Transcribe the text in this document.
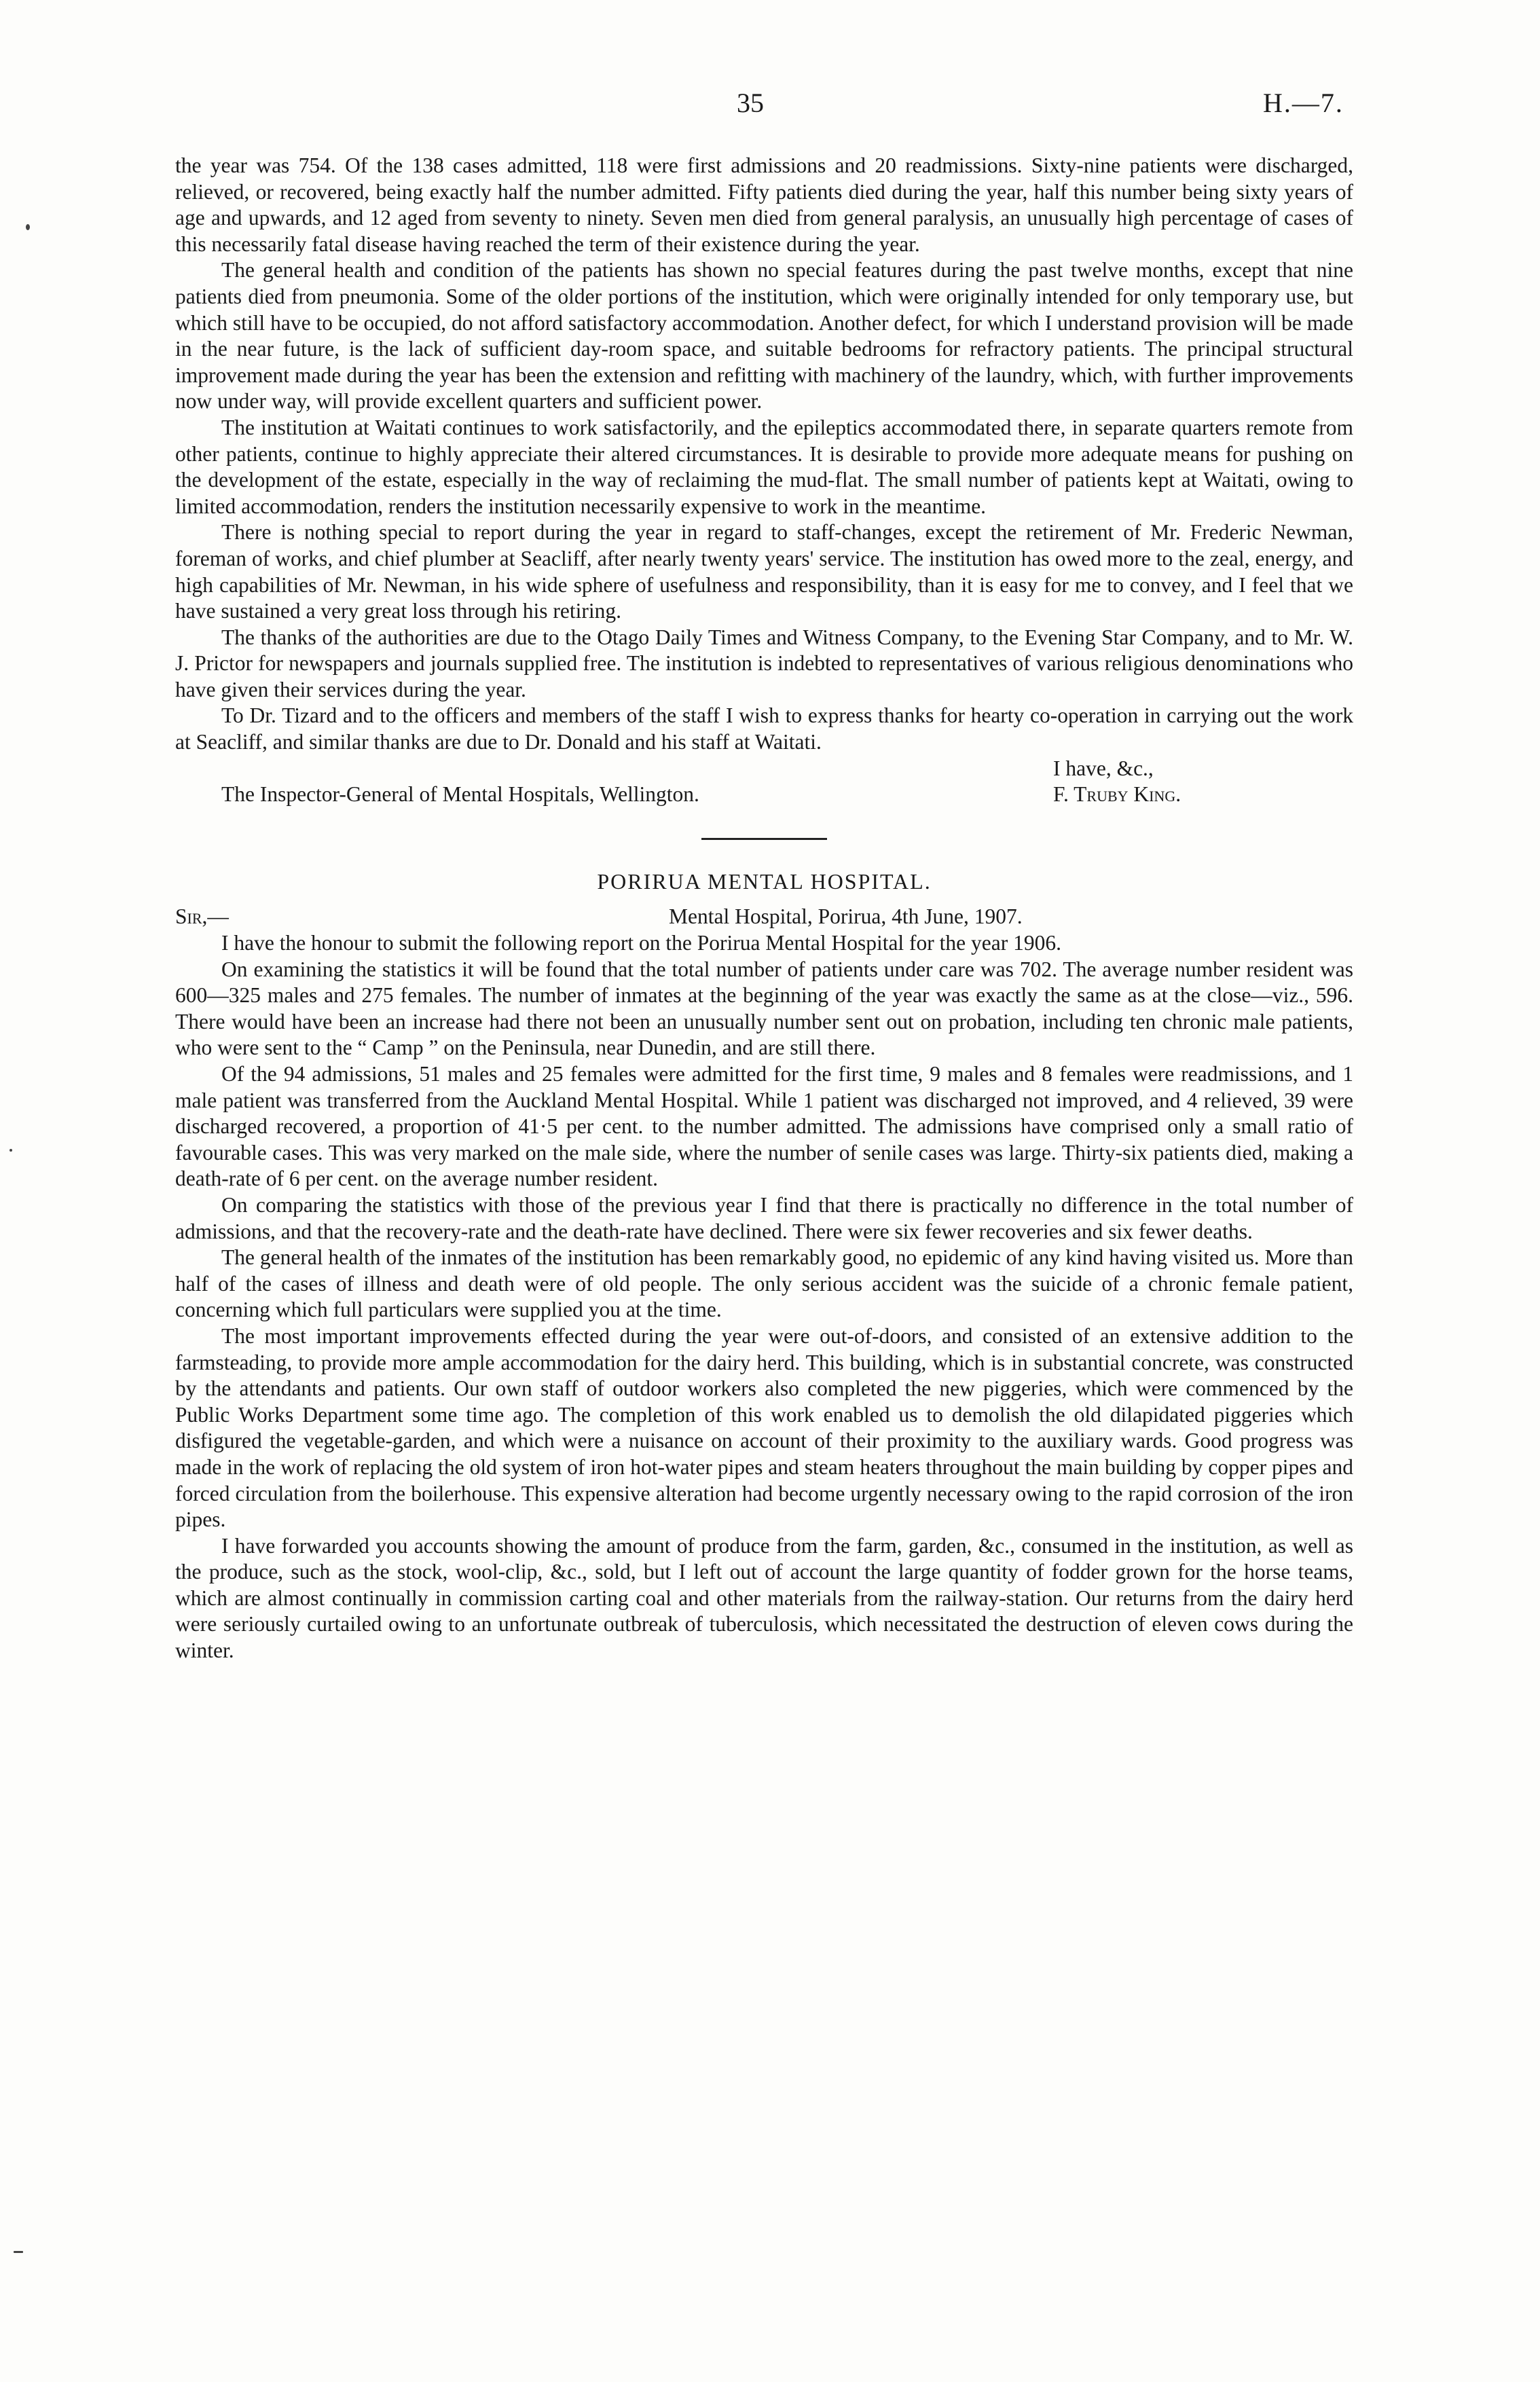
35	H.—7.

the year was 754. Of the 138 cases admitted, 118 were first admissions and 20 readmissions. Sixty-nine patients were discharged, relieved, or recovered, being exactly half the number admitted. Fifty patients died during the year, half this number being sixty years of age and upwards, and 12 aged from seventy to ninety. Seven men died from general paralysis, an unusually high percentage of cases of this necessarily fatal disease having reached the term of their existence during the year.

The general health and condition of the patients has shown no special features during the past twelve months, except that nine patients died from pneumonia. Some of the older portions of the institution, which were originally intended for only temporary use, but which still have to be occupied, do not afford satisfactory accommodation. Another defect, for which I understand provision will be made in the near future, is the lack of sufficient day-room space, and suitable bedrooms for refractory patients. The principal structural improvement made during the year has been the extension and refitting with machinery of the laundry, which, with further improvements now under way, will provide excellent quarters and sufficient power.

The institution at Waitati continues to work satisfactorily, and the epileptics accommodated there, in separate quarters remote from other patients, continue to highly appreciate their altered circumstances. It is desirable to provide more adequate means for pushing on the development of the estate, especially in the way of reclaiming the mud-flat. The small number of patients kept at Waitati, owing to limited accommodation, renders the institution necessarily expensive to work in the meantime.

There is nothing special to report during the year in regard to staff-changes, except the retirement of Mr. Frederic Newman, foreman of works, and chief plumber at Seacliff, after nearly twenty years' service. The institution has owed more to the zeal, energy, and high capabilities of Mr. Newman, in his wide sphere of usefulness and responsibility, than it is easy for me to convey, and I feel that we have sustained a very great loss through his retiring.

The thanks of the authorities are due to the Otago Daily Times and Witness Company, to the Evening Star Company, and to Mr. W. J. Prictor for newspapers and journals supplied free. The institution is indebted to representatives of various religious denominations who have given their services during the year.

To Dr. Tizard and to the officers and members of the staff I wish to express thanks for hearty co-operation in carrying out the work at Seacliff, and similar thanks are due to Dr. Donald and his staff at Waitati.

I have, &c.,
The Inspector-General of Mental Hospitals, Wellington.	F. Truby King.
PORIRUA MENTAL HOSPITAL.
Sir,—	Mental Hospital, Porirua, 4th June, 1907.

I have the honour to submit the following report on the Porirua Mental Hospital for the year 1906.

On examining the statistics it will be found that the total number of patients under care was 702. The average number resident was 600—325 males and 275 females. The number of inmates at the beginning of the year was exactly the same as at the close—viz., 596. There would have been an increase had there not been an unusually number sent out on probation, including ten chronic male patients, who were sent to the “ Camp ” on the Peninsula, near Dunedin, and are still there.

Of the 94 admissions, 51 males and 25 females were admitted for the first time, 9 males and 8 females were readmissions, and 1 male patient was transferred from the Auckland Mental Hospital. While 1 patient was discharged not improved, and 4 relieved, 39 were discharged recovered, a proportion of 41·5 per cent. to the number admitted. The admissions have comprised only a small ratio of favourable cases. This was very marked on the male side, where the number of senile cases was large. Thirty-six patients died, making a death-rate of 6 per cent. on the average number resident.

On comparing the statistics with those of the previous year I find that there is practically no difference in the total number of admissions, and that the recovery-rate and the death-rate have declined. There were six fewer recoveries and six fewer deaths.

The general health of the inmates of the institution has been remarkably good, no epidemic of any kind having visited us. More than half of the cases of illness and death were of old people. The only serious accident was the suicide of a chronic female patient, concerning which full particulars were supplied you at the time.

The most important improvements effected during the year were out-of-doors, and consisted of an extensive addition to the farmsteading, to provide more ample accommodation for the dairy herd. This building, which is in substantial concrete, was constructed by the attendants and patients. Our own staff of outdoor workers also completed the new piggeries, which were commenced by the Public Works Department some time ago. The completion of this work enabled us to demolish the old dilapidated piggeries which disfigured the vegetable-garden, and which were a nuisance on account of their proximity to the auxiliary wards. Good progress was made in the work of replacing the old system of iron hot-water pipes and steam heaters throughout the main building by copper pipes and forced circulation from the boilerhouse. This expensive alteration had become urgently necessary owing to the rapid corrosion of the iron pipes.

I have forwarded you accounts showing the amount of produce from the farm, garden, &c., consumed in the institution, as well as the produce, such as the stock, wool-clip, &c., sold, but I left out of account the large quantity of fodder grown for the horse teams, which are almost continually in commission carting coal and other materials from the railway-station. Our returns from the dairy herd were seriously curtailed owing to an unfortunate outbreak of tuberculosis, which necessitated the destruction of eleven cows during the winter.
